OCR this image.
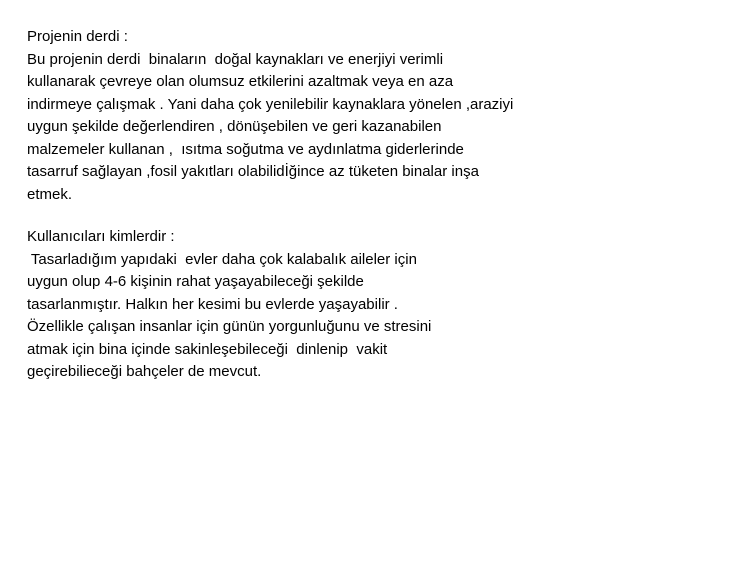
Projenin derdi :
Bu projenin derdi  binaların  doğal kaynakları ve enerjiyi verimli
kullanarak çevreye olan olumsuz etkilerini azaltmak veya en aza
indirmeye çalışmak . Yani daha çok yenilebilir kaynaklara yönelen ,araziyi
uygun şekilde değerlendiren , dönüşebilen ve geri kazanabilen
malzemeler kullanan ,  ısıtma soğutma ve aydınlatma giderlerinde
tasarruf sağlayan ,fosil yakıtları olabilidİğince az tüketen binalar inşa
etmek.
Kullanıcıları kimlerdir :
Tasarladığım yapıdaki  evler daha çok kalabalık aileler için
uygun olup 4-6 kişinin rahat yaşayabileceği şekilde
tasarlanmıştır. Halkın her kesimi bu evlerde yaşayabilir .
Özellikle çalışan insanlar için günün yorgunluğunu ve stresini
atmak için bina içinde sakinleşebileceği  dinlenip  vakit
geçirebilieceği bahçeler de mevcut.
